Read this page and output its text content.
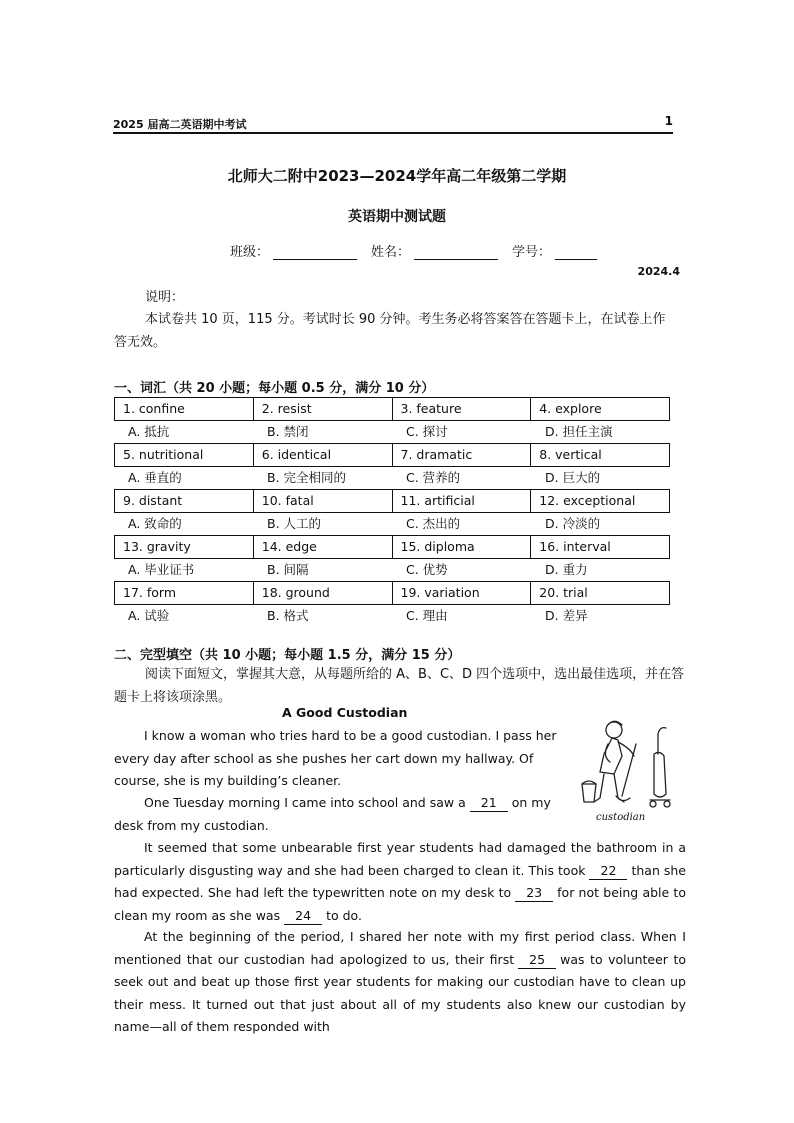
2025 届高二英语期中考试	1
北师大二附中2023—2024学年高二年级第二学期
英语期中测试题
班级：	姓名：	学号：
2024.4
说明：
本试卷共 10 页，115 分。考试时长 90 分钟。考生务必将答案答在答题卡上，在试卷上作答无效。
一、词汇（共 20 小题；每小题 0.5 分，满分 10 分）
1. confine	2. resist	3. feature	4. explore
A. 抵抗	B. 禁闭	C. 探讨	D. 担任主演
5. nutritional	6. identical	7. dramatic	8. vertical
A. 垂直的	B. 完全相同的	C. 营养的	D. 巨大的
9. distant	10. fatal	11. artificial	12. exceptional
A. 致命的	B. 人工的	C. 杰出的	D. 冷淡的
13. gravity	14. edge	15. diploma	16. interval
A. 毕业证书	B. 间隔	C. 优势	D. 重力
17. form	18. ground	19. variation	20. trial
A. 试验	B. 格式	C. 理由	D. 差异
二、完型填空（共 10 小题；每小题 1.5 分，满分 15 分）
阅读下面短文，掌握其大意，从每题所给的 A、B、C、D 四个选项中，选出最佳选项，并在答题卡上将该项涂黑。
A Good Custodian
I know a woman who tries hard to be a good custodian. I pass her every day after school as she pushes her cart down my hallway. Of course, she is my building’s cleaner.
One Tuesday morning I came into school and saw a 21 on my desk from my custodian.
It seemed that some unbearable first year students had damaged the bathroom in a particularly disgusting way and she had been charged to clean it. This took 22 than she had expected. She had left the typewritten note on my desk to 23 for not being able to clean my room as she was 24 to do.
At the beginning of the period, I shared her note with my first period class. When I mentioned that our custodian had apologized to us, their first 25 was to volunteer to seek out and beat up those first year students for making our custodian have to clean up their mess. It turned out that just about all of my students also knew our custodian by name—all of them responded with
custodian
